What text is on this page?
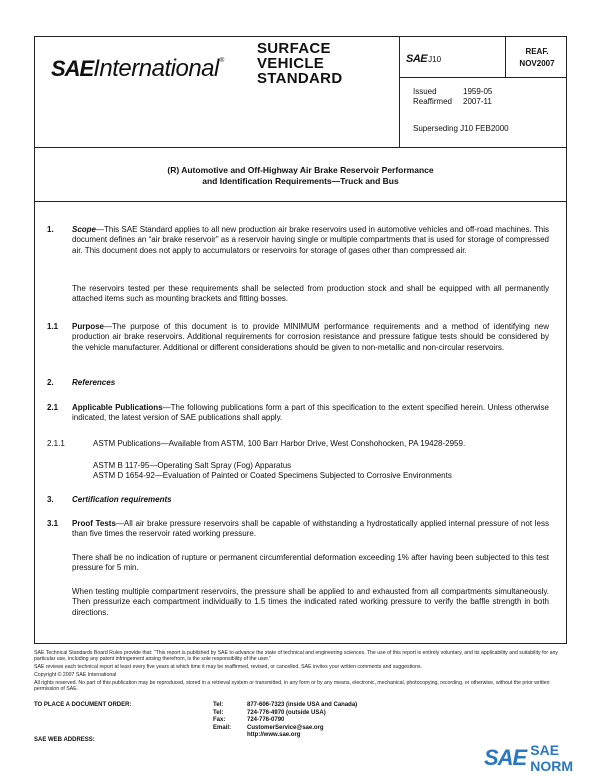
SAE International ®
SURFACE
VEHICLE
STANDARD
SAE J10
REAF.
NOV2007
Issued	1959-05
Reaffirmed	2007-11
Superseding J10 FEB2000
(R) Automotive and Off-Highway Air Brake Reservoir Performance
and Identification Requirements—Truck and Bus
1. Scope—This SAE Standard applies to all new production air brake reservoirs used in automotive vehicles and off-road machines. This document defines an “air brake reservoir” as a reservoir having single or multiple compartments that is used for storage of compressed air. This document does not apply to accumulators or reservoirs for storage of gases other than compressed air.
The reservoirs tested per these requirements shall be selected from production stock and shall be equipped with all permanently attached items such as mounting brackets and fitting bosses.
1.1 Purpose—The purpose of this document is to provide MINIMUM performance requirements and a method of identifying new production air brake reservoirs. Additional requirements for corrosion resistance and pressure fatigue tests should be considered by the vehicle manufacturer. Additional or different considerations should be given to non-metallic and non-circular reservoirs.
2. References
2.1 Applicable Publications—The following publications form a part of this specification to the extent specified herein. Unless otherwise indicated, the latest version of SAE publications shall apply.
2.1.1	ASTM Publications—Available from ASTM, 100 Barr Harbor Drive, West Conshohocken, PA 19428-2959.
ASTM B 117-95—Operating Salt Spray (Fog) Apparatus
ASTM D 1654-92—Evaluation of Painted or Coated Specimens Subjected to Corrosive Environments
3. Certification requirements
3.1 Proof Tests—All air brake pressure reservoirs shall be capable of withstanding a hydrostatically applied internal pressure of not less than five times the reservoir rated working pressure.
There shall be no indication of rupture or permanent circumferential deformation exceeding 1% after having been subjected to this test pressure for 5 min.
When testing multiple compartment reservoirs, the pressure shall be applied to and exhausted from all compartments simultaneously. Then pressurize each compartment individually to 1.5 times the indicated rated working pressure to verify the baffle strength in both directions.
SAE Technical Standards Board Rules provide that: “This report is published by SAE to advance the state of technical and engineering sciences. The use of this report is entirely voluntary, and its applicability and suitability for any particular use, including any patent infringement arising therefrom, is the sole responsibility of the user.”
SAE reviews each technical report at least every five years at which time it may be reaffirmed, revised, or cancelled. SAE invites your written comments and suggestions.
Copyright © 2007 SAE International
All rights reserved. No part of this publication may be reproduced, stored in a retrieval system or transmitted, in any form or by any means, electronic, mechanical, photocopying, recording, or otherwise, without the prior written permission of SAE.
TO PLACE A DOCUMENT ORDER:
SAE WEB ADDRESS:
Tel:	877-606-7323 (inside USA and Canada)
Tel:	724-776-4970 (outside USA)
Fax:	724-776-0790
Email:	CustomerService@sae.org
http://www.sae.org
SAE SAE NORM
